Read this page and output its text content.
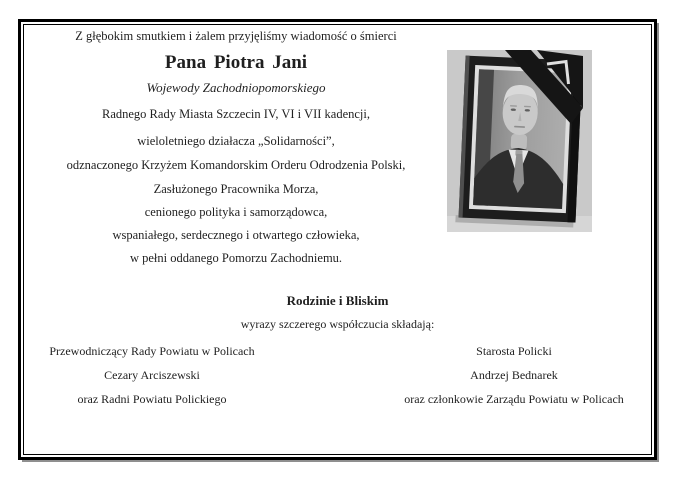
Z głębokim smutkiem i żalem przyjęliśmy wiadomość o śmierci
Pana Piotra Jani
Wojewody Zachodniopomorskiego
Radnego Rady Miasta Szczecin IV, VI i VII kadencji,
wieloletniego działacza „Solidarności”,
odznaczonego Krzyżem Komandorskim Orderu Odrodzenia Polski,
Zasłużonego Pracownika Morza,
cenionego polityka i samorządowca,
wspaniałego, serdecznego i otwartego człowieka,
w pełni oddanego Pomorzu Zachodniemu.
Rodzinie i Bliskim
wyrazy szczerego współczucia składają:
Przewodniczący Rady Powiatu w Policach
Cezary Arciszewski
oraz Radni Powiatu Polickiego
Starosta Policki
Andrzej Bednarek
oraz członkowie Zarządu Powiatu w Policach
